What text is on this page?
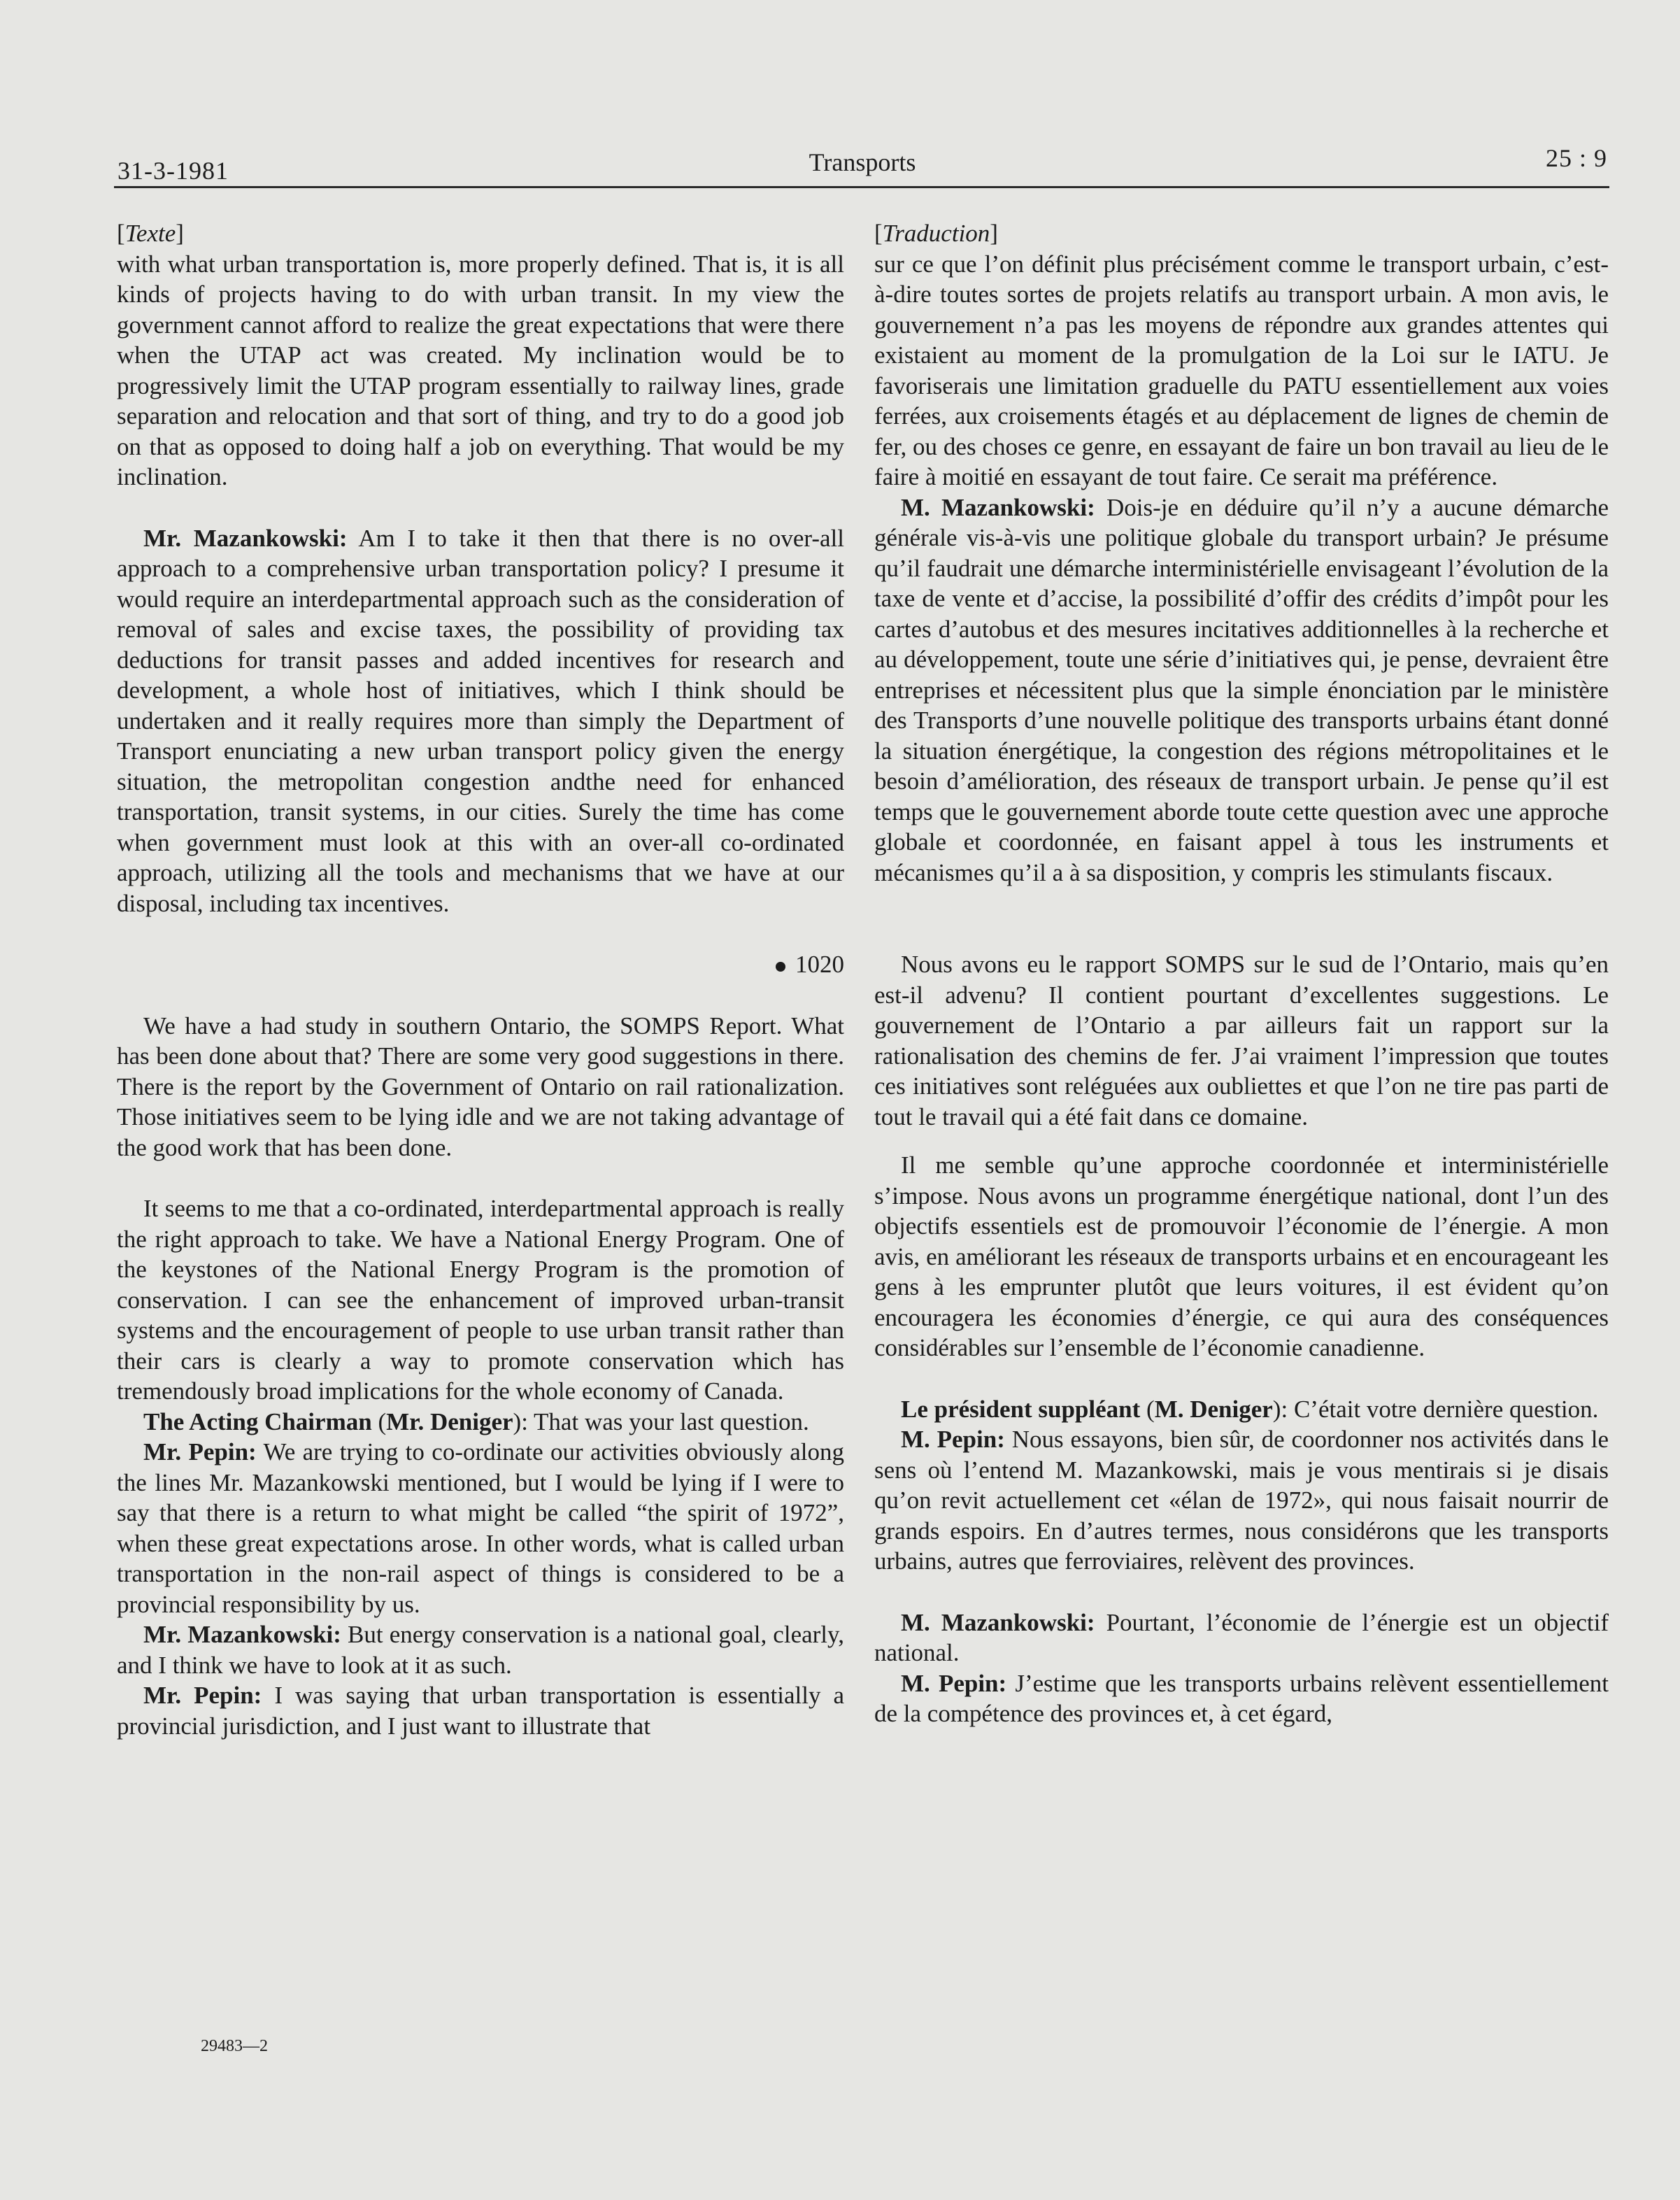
31-3-1981	Transports	25 : 9

[Texte]

with what urban transportation is, more properly defined. That is, it is all kinds of projects having to do with urban transit. In my view the government cannot afford to realize the great expectations that were there when the UTAP act was created. My inclination would be to progressively limit the UTAP program essentially to railway lines, grade separation and relocation and that sort of thing, and try to do a good job on that as opposed to doing half a job on everything. That would be my inclination.

Mr. Mazankowski: Am I to take it then that there is no over-all approach to a comprehensive urban transportation policy? I presume it would require an interdepartmental approach such as the consideration of removal of sales and excise taxes, the possibility of providing tax deductions for transit passes and added incentives for research and development, a whole host of initiatives, which I think should be undertaken and it really requires more than simply the Department of Transport enunciating a new urban transport policy given the energy situation, the metropolitan congestion andthe need for enhanced transportation, transit systems, in our cities. Surely the time has come when government must look at this with an over-all co-ordinated approach, utilizing all the tools and mechanisms that we have at our disposal, including tax incentives.

1020

We have a had study in southern Ontario, the SOMPS Report. What has been done about that? There are some very good suggestions in there. There is the report by the Government of Ontario on rail rationalization. Those initiatives seem to be lying idle and we are not taking advantage of the good work that has been done.

It seems to me that a co-ordinated, interdepartmental approach is really the right approach to take. We have a National Energy Program. One of the keystones of the National Energy Program is the promotion of conservation. I can see the enhancement of improved urban-transit systems and the encouragement of people to use urban transit rather than their cars is clearly a way to promote conservation which has tremendously broad implications for the whole economy of Canada.

The Acting Chairman (Mr. Deniger): That was your last question.

Mr. Pepin: We are trying to co-ordinate our activities obviously along the lines Mr. Mazankowski mentioned, but I would be lying if I were to say that there is a return to what might be called “the spirit of 1972”, when these great expectations arose. In other words, what is called urban transportation in the non-rail aspect of things is considered to be a provincial responsibility by us.

Mr. Mazankowski: But energy conservation is a national goal, clearly, and I think we have to look at it as such.

Mr. Pepin: I was saying that urban transportation is essentially a provincial jurisdiction, and I just want to illustrate that

[Traduction]

sur ce que l’on définit plus précisément comme le transport urbain, c’est-à-dire toutes sortes de projets relatifs au transport urbain. A mon avis, le gouvernement n’a pas les moyens de répondre aux grandes attentes qui existaient au moment de la promulgation de la Loi sur le IATU. Je favoriserais une limitation graduelle du PATU essentiellement aux voies ferrées, aux croisements étagés et au déplacement de lignes de chemin de fer, ou des choses ce genre, en essayant de faire un bon travail au lieu de le faire à moitié en essayant de tout faire. Ce serait ma préférence.

M. Mazankowski: Dois-je en déduire qu’il n’y a aucune démarche générale vis-à-vis une politique globale du transport urbain? Je présume qu’il faudrait une démarche interministérielle envisageant l’évolution de la taxe de vente et d’accise, la possibilité d’offir des crédits d’impôt pour les cartes d’autobus et des mesures incitatives additionnelles à la recherche et au développement, toute une série d’initiatives qui, je pense, devraient être entreprises et nécessitent plus que la simple énonciation par le ministère des Transports d’une nouvelle politique des transports urbains étant donné la situation énergétique, la congestion des régions métropolitaines et le besoin d’amélioration, des réseaux de transport urbain. Je pense qu’il est temps que le gouvernement aborde toute cette question avec une approche globale et coordonnée, en faisant appel à tous les instruments et mécanismes qu’il a à sa disposition, y compris les stimulants fiscaux.

Nous avons eu le rapport SOMPS sur le sud de l’Ontario, mais qu’en est-il advenu? Il contient pourtant d’excellentes suggestions. Le gouvernement de l’Ontario a par ailleurs fait un rapport sur la rationalisation des chemins de fer. J’ai vraiment l’impression que toutes ces initiatives sont reléguées aux oubliettes et que l’on ne tire pas parti de tout le travail qui a été fait dans ce domaine.

Il me semble qu’une approche coordonnée et interministérielle s’impose. Nous avons un programme énergétique national, dont l’un des objectifs essentiels est de promouvoir l’économie de l’énergie. A mon avis, en améliorant les réseaux de transports urbains et en encourageant les gens à les emprunter plutôt que leurs voitures, il est évident qu’on encouragera les économies d’énergie, ce qui aura des conséquences considérables sur l’ensemble de l’économie canadienne.

Le président suppléant (M. Deniger): C’était votre dernière question.

M. Pepin: Nous essayons, bien sûr, de coordonner nos activités dans le sens où l’entend M. Mazankowski, mais je vous mentirais si je disais qu’on revit actuellement cet «élan de 1972», qui nous faisait nourrir de grands espoirs. En d’autres termes, nous considérons que les transports urbains, autres que ferroviaires, relèvent des provinces.

M. Mazankowski: Pourtant, l’économie de l’énergie est un objectif national.

M. Pepin: J’estime que les transports urbains relèvent essentiellement de la compétence des provinces et, à cet égard,

29483—2
